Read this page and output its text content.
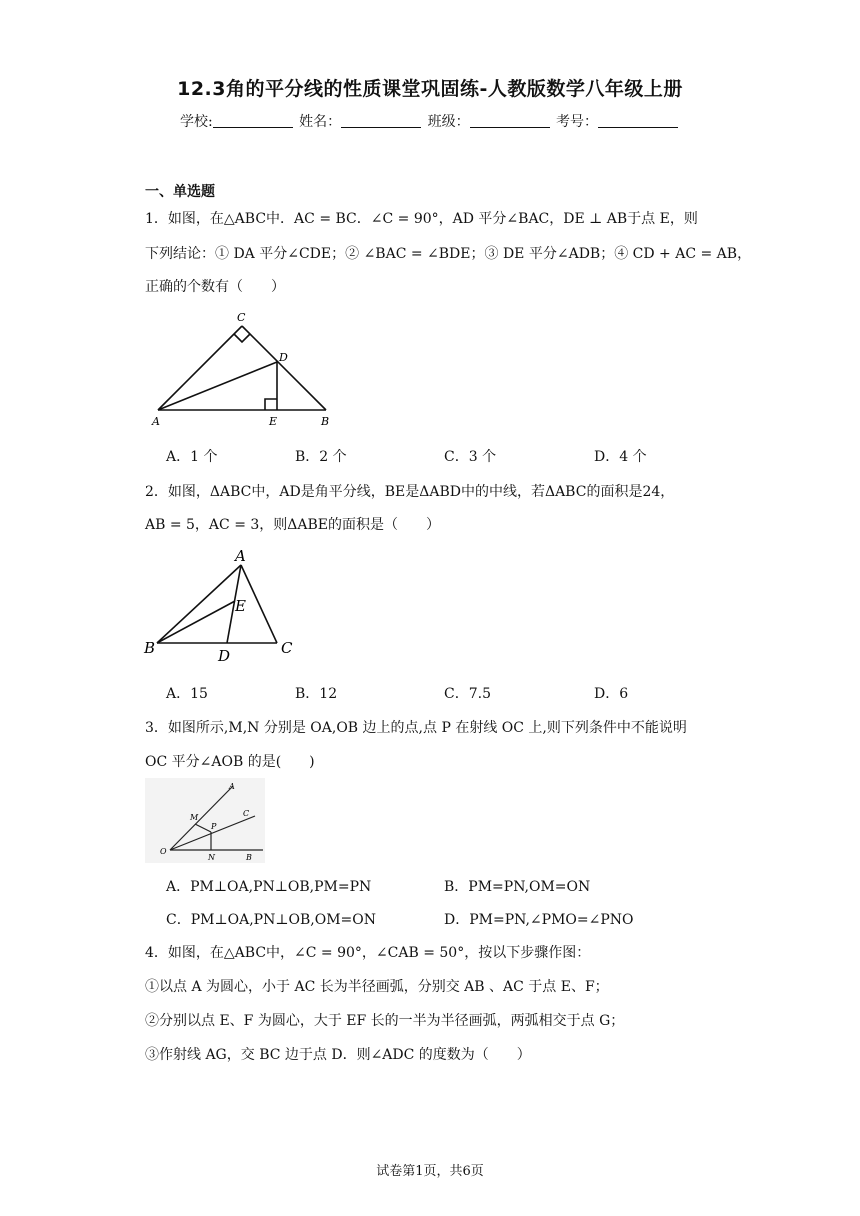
12.3角的平分线的性质课堂巩固练-人教版数学八年级上册
学校:	姓名：	班级：	考号：
一、单选题
1．如图，在△ABC中．AC = BC．∠C = 90°，AD 平分∠BAC，DE ⊥ AB于点 E，则
下列结论：① DA 平分∠CDE；② ∠BAC = ∠BDE；③ DE 平分∠ADB；④ CD + AC = AB，
正确的个数有（　　）
C
D
A	E	B
A．1 个	B．2 个	C．3 个	D．4 个
2．如图，ΔABC中，AD是角平分线，BE是ΔABD中的中线，若ΔABC的面积是24，
AB = 5，AC = 3，则ΔABE的面积是（　　）
A
E
B	D	C
A．15	B．12	C．7.5	D．6
3．如图所示,M,N 分别是 OA,OB 边上的点,点 P 在射线 OC 上,则下列条件中不能说明
OC 平分∠AOB 的是(　　)
A
C
M
P
O
N	B
A．PM⊥OA,PN⊥OB,PM=PN	B．PM=PN,OM=ON
C．PM⊥OA,PN⊥OB,OM=ON	D．PM=PN,∠PMO=∠PNO
4．如图，在△ABC中，∠C = 90°，∠CAB = 50°，按以下步骤作图：
①以点 A 为圆心，小于 AC 长为半径画弧，分别交 AB 、AC 于点 E、F；
②分别以点 E、F 为圆心，大于 EF 长的一半为半径画弧，两弧相交于点 G；
③作射线 AG，交 BC 边于点 D．则∠ADC 的度数为（　　）
试卷第1页，共6页
